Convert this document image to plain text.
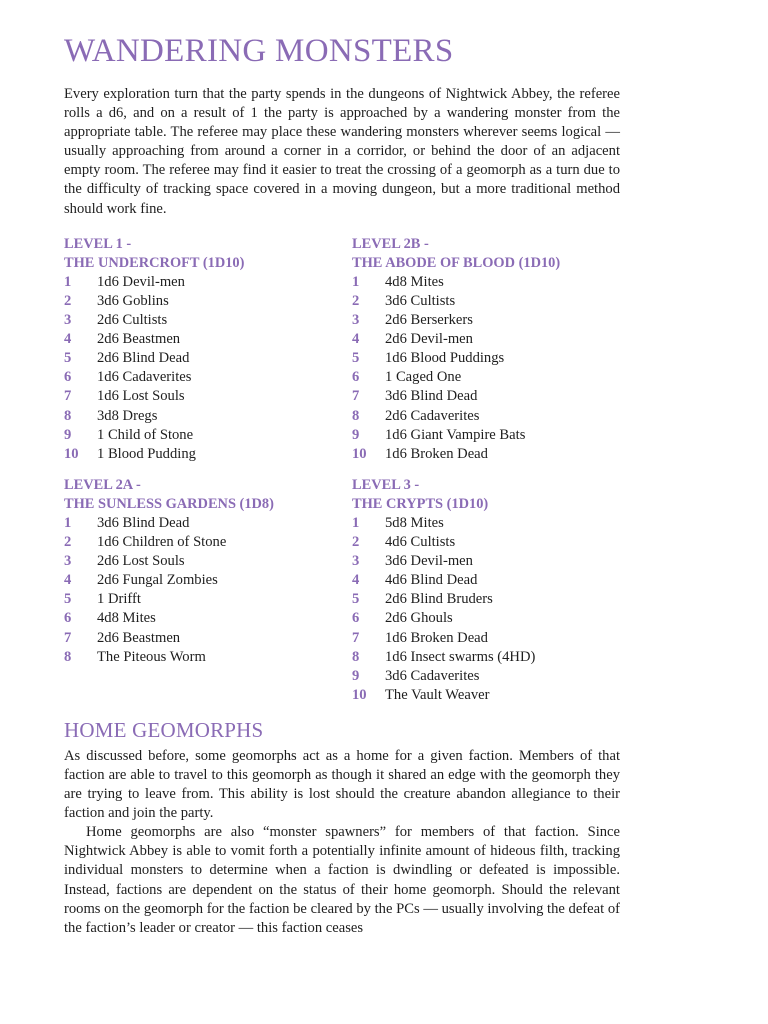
WANDERING MONSTERS

Every exploration turn that the party spends in the dungeons of Nightwick Abbey, the referee rolls a d6, and on a result of 1 the party is approached by a wandering monster from the appropriate table. The referee may place these wandering monsters wherever seems logical — usually approaching from around a corner in a corridor, or behind the door of an adjacent empty room. The referee may find it easier to treat the crossing of a geomorph as a turn due to the difficulty of tracking space covered in a moving dungeon, but a more traditional method should work fine.

LEVEL 1 -
THE UNDERCROFT (1D10)
1	1d6 Devil-men
2	3d6 Goblins
3	2d6 Cultists
4	2d6 Beastmen
5	2d6 Blind Dead
6	1d6 Cadaverites
7	1d6 Lost Souls
8	3d8 Dregs
9	1 Child of Stone
10	1 Blood Pudding
LEVEL 2B -
THE ABODE OF BLOOD (1D10)
1	4d8 Mites
2	3d6 Cultists
3	2d6 Berserkers
4	2d6 Devil-men
5	1d6 Blood Puddings
6	1 Caged One
7	3d6 Blind Dead
8	2d6 Cadaverites
9	1d6 Giant Vampire Bats
10	1d6 Broken Dead
LEVEL 2A -
THE SUNLESS GARDENS (1D8)
1	3d6 Blind Dead
2	1d6 Children of Stone
3	2d6 Lost Souls
4	2d6 Fungal Zombies
5	1 Drifft
6	4d8 Mites
7	2d6 Beastmen
8	The Piteous Worm
LEVEL 3 -
THE CRYPTS (1D10)
1	5d8 Mites
2	4d6 Cultists
3	3d6 Devil-men
4	4d6 Blind Dead
5	2d6 Blind Bruders
6	2d6 Ghouls
7	1d6 Broken Dead
8	1d6 Insect swarms (4HD)
9	3d6 Cadaverites
10	The Vault Weaver
HOME GEOMORPHS

As discussed before, some geomorphs act as a home for a given faction. Members of that faction are able to travel to this geomorph as though it shared an edge with the geomorph they are trying to leave from. This ability is lost should the creature abandon allegiance to their faction and join the party.

Home geomorphs are also “monster spawners” for members of that faction. Since Nightwick Abbey is able to vomit forth a potentially infinite amount of hideous filth, tracking individual monsters to determine when a faction is dwindling or defeated is impossible. Instead, factions are dependent on the status of their home geomorph. Should the relevant rooms on the geomorph for the faction be cleared by the PCs — usually involving the defeat of the faction’s leader or creator — this faction ceases
